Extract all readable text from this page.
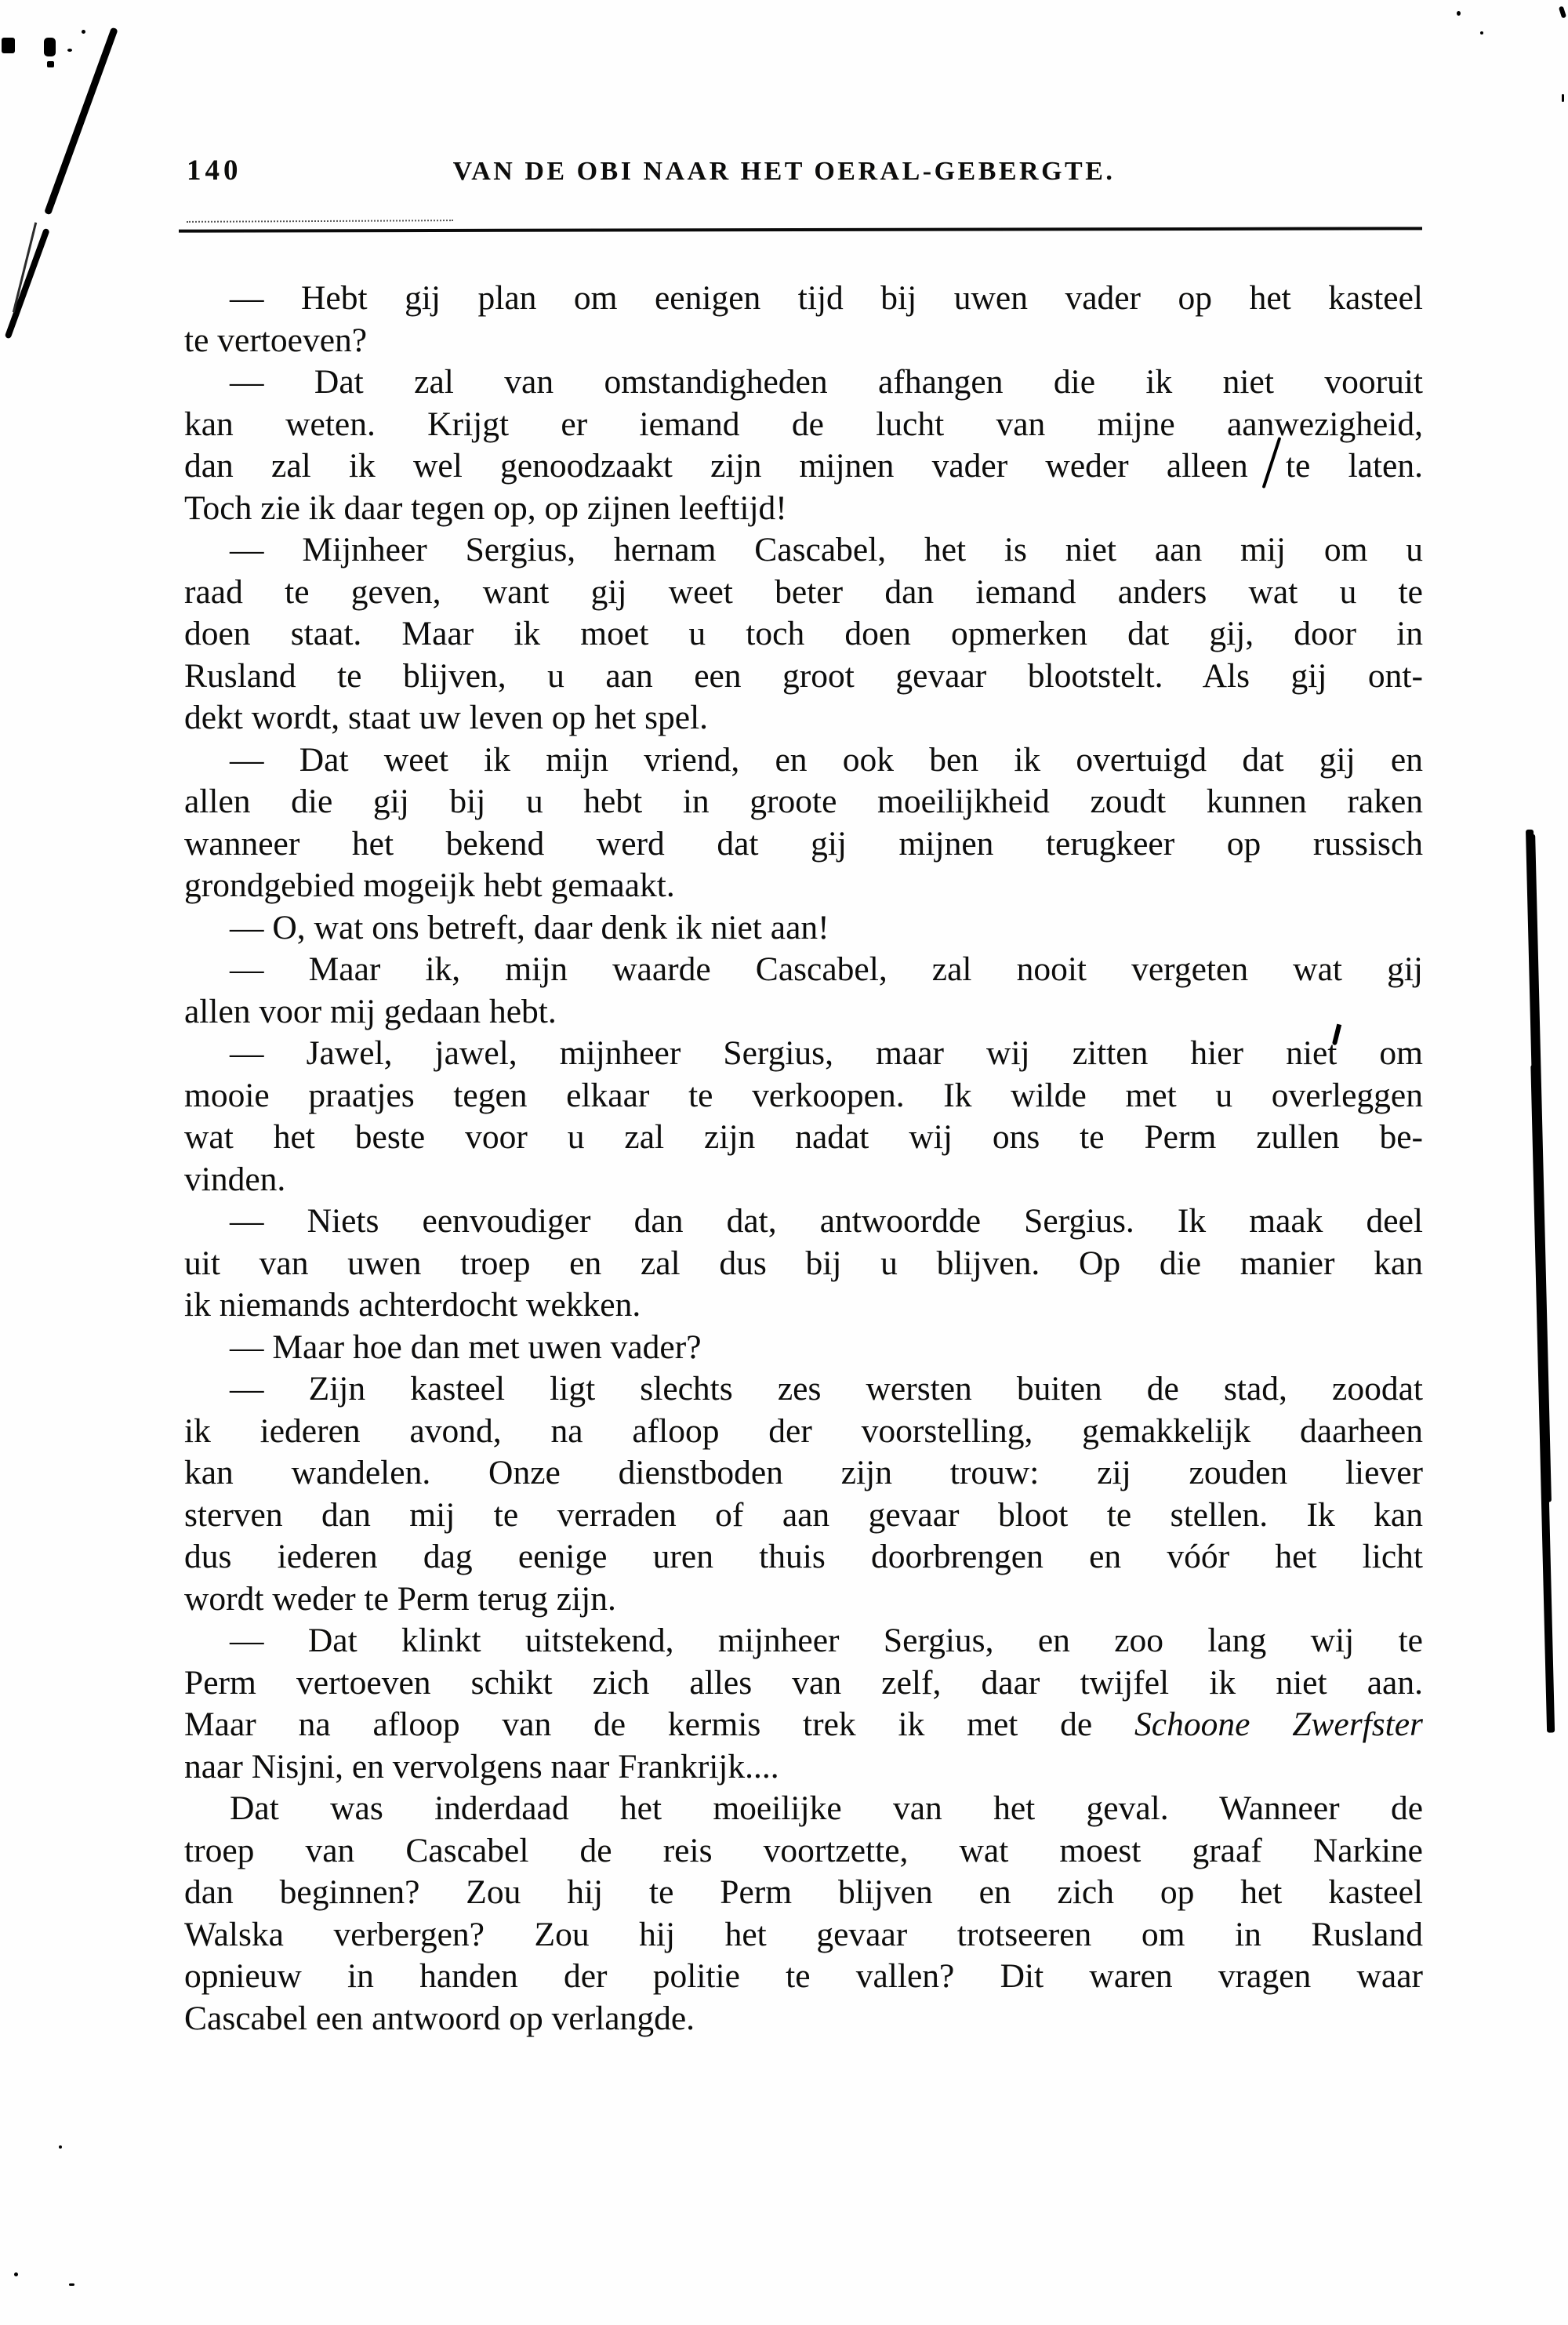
140	VAN DE OBI NAAR HET OERAL-GEBERGTE.

— Hebt gij plan om eenigen tijd bij uwen vader op het kasteel

te vertoeven?

— Dat zal van omstandigheden afhangen die ik niet vooruit

kan weten. Krijgt er iemand de lucht van mijne aanwezigheid,

dan zal ik wel genoodzaakt zijn mijnen vader weder alleen te laten.

Toch zie ik daar tegen op, op zijnen leeftijd!

— Mijnheer Sergius, hernam Cascabel, het is niet aan mij om u

raad te geven, want gij weet beter dan iemand anders wat u te

doen staat. Maar ik moet u toch doen opmerken dat gij, door in

Rusland te blijven, u aan een groot gevaar blootstelt. Als gij ont-

dekt wordt, staat uw leven op het spel.

— Dat weet ik mijn vriend, en ook ben ik overtuigd dat gij en

allen die gij bij u hebt in groote moeilijkheid zoudt kunnen raken

wanneer het bekend werd dat gij mijnen terugkeer op russisch

grondgebied mogeijk hebt gemaakt.

— O, wat ons betreft, daar denk ik niet aan!

— Maar ik, mijn waarde Cascabel, zal nooit vergeten wat gij

allen voor mij gedaan hebt.

— Jawel, jawel, mijnheer Sergius, maar wij zitten hier niet om

mooie praatjes tegen elkaar te verkoopen. Ik wilde met u overleggen

wat het beste voor u zal zijn nadat wij ons te Perm zullen be-

vinden.

— Niets eenvoudiger dan dat, antwoordde Sergius. Ik maak deel

uit van uwen troep en zal dus bij u blijven. Op die manier kan

ik niemands achterdocht wekken.

— Maar hoe dan met uwen vader?

— Zijn kasteel ligt slechts zes wersten buiten de stad, zoodat

ik iederen avond, na afloop der voorstelling, gemakkelijk daarheen

kan wandelen. Onze dienstboden zijn trouw: zij zouden liever

sterven dan mij te verraden of aan gevaar bloot te stellen. Ik kan

dus iederen dag eenige uren thuis doorbrengen en vóór het licht

wordt weder te Perm terug zijn.

— Dat klinkt uitstekend, mijnheer Sergius, en zoo lang wij te

Perm vertoeven schikt zich alles van zelf, daar twijfel ik niet aan.

Maar na afloop van de kermis trek ik met de Schoone Zwerfster

naar Nisjni, en vervolgens naar Frankrijk....

Dat was inderdaad het moeilijke van het geval. Wanneer de

troep van Cascabel de reis voortzette, wat moest graaf Narkine

dan beginnen? Zou hij te Perm blijven en zich op het kasteel

Walska verbergen? Zou hij het gevaar trotseeren om in Rusland

opnieuw in handen der politie te vallen? Dit waren vragen waar

Cascabel een antwoord op verlangde.
